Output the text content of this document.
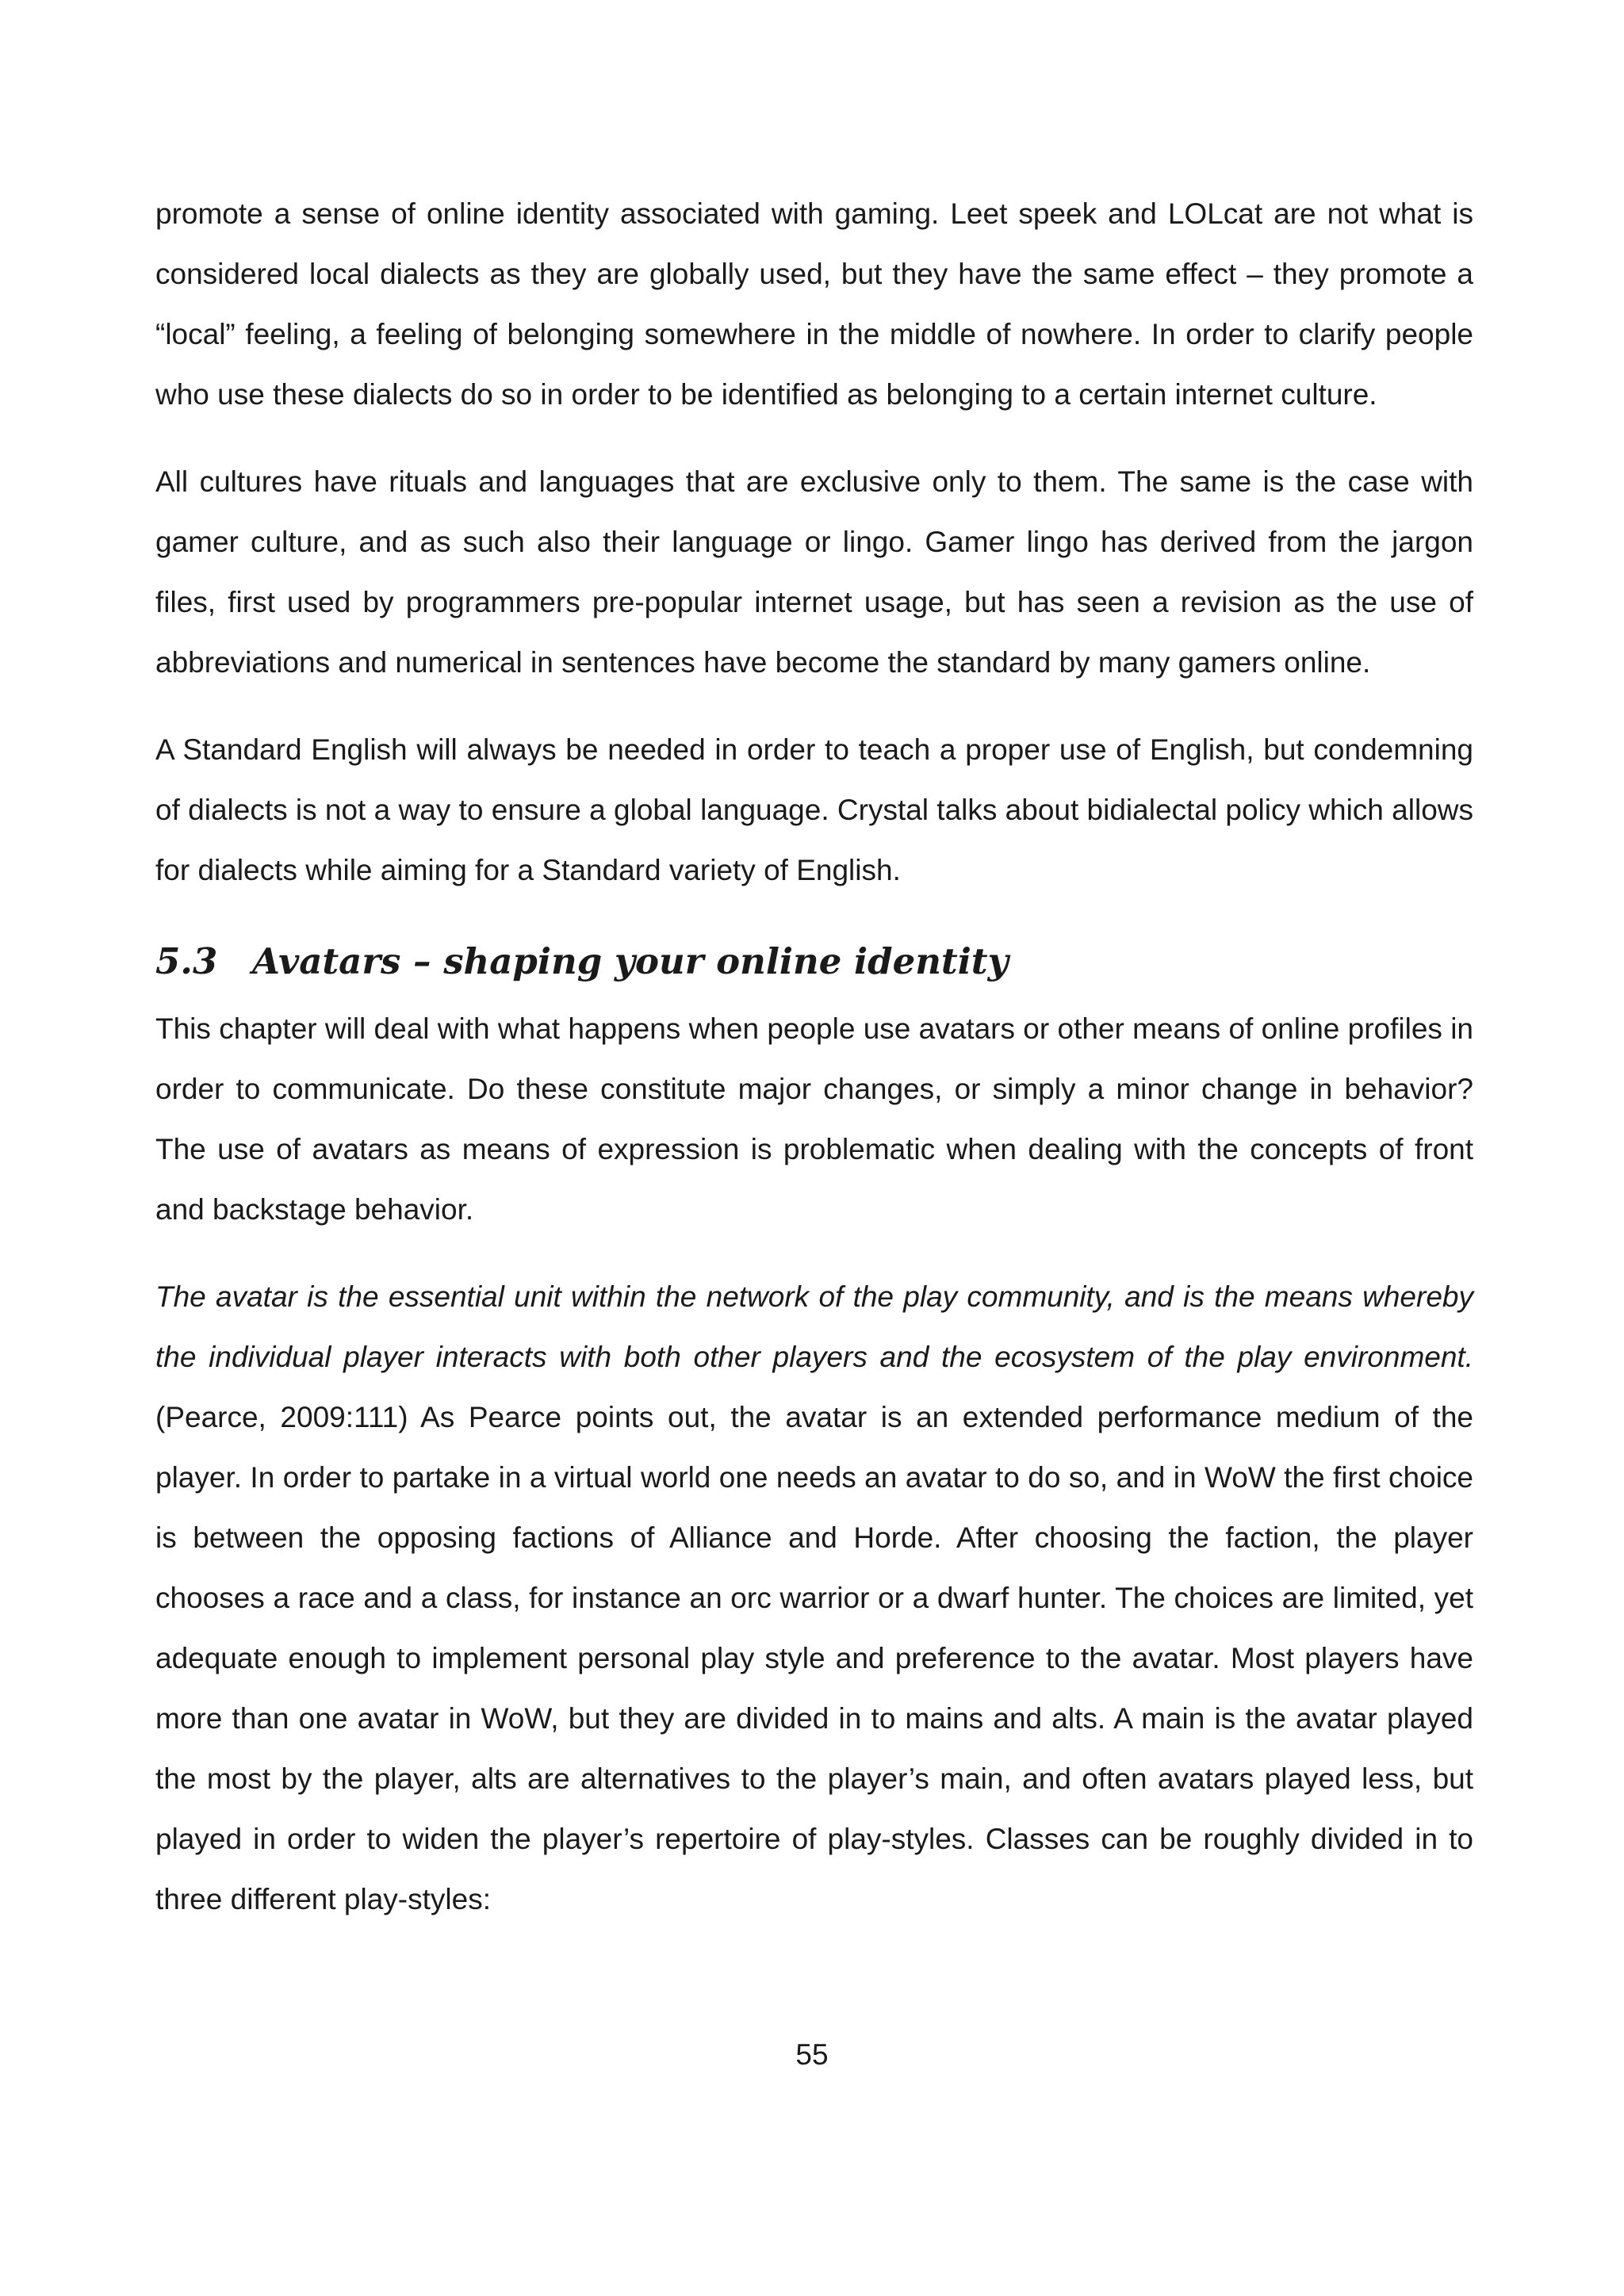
promote a sense of online identity associated with gaming. Leet speek and LOLcat are not what is considered local dialects as they are globally used, but they have the same effect – they promote a “local” feeling, a feeling of belonging somewhere in the middle of nowhere. In order to clarify people who use these dialects do so in order to be identified as belonging to a certain internet culture.

All cultures have rituals and languages that are exclusive only to them. The same is the case with gamer culture, and as such also their language or lingo. Gamer lingo has derived from the jargon files, first used by programmers pre-popular internet usage, but has seen a revision as the use of abbreviations and numerical in sentences have become the standard by many gamers online.

A Standard English will always be needed in order to teach a proper use of English, but condemning of dialects is not a way to ensure a global language. Crystal talks about bidialectal policy which allows for dialects while aiming for a Standard variety of English.

5.3 Avatars – shaping your online identity

This chapter will deal with what happens when people use avatars or other means of online profiles in order to communicate. Do these constitute major changes, or simply a minor change in behavior? The use of avatars as means of expression is problematic when dealing with the concepts of front and backstage behavior.

The avatar is the essential unit within the network of the play community, and is the means whereby the individual player interacts with both other players and the ecosystem of the play environment. (Pearce, 2009:111) As Pearce points out, the avatar is an extended performance medium of the player. In order to partake in a virtual world one needs an avatar to do so, and in WoW the first choice is between the opposing factions of Alliance and Horde. After choosing the faction, the player chooses a race and a class, for instance an orc warrior or a dwarf hunter. The choices are limited, yet adequate enough to implement personal play style and preference to the avatar. Most players have more than one avatar in WoW, but they are divided in to mains and alts. A main is the avatar played the most by the player, alts are alternatives to the player’s main, and often avatars played less, but played in order to widen the player’s repertoire of play-styles. Classes can be roughly divided in to three different play-styles:

55
